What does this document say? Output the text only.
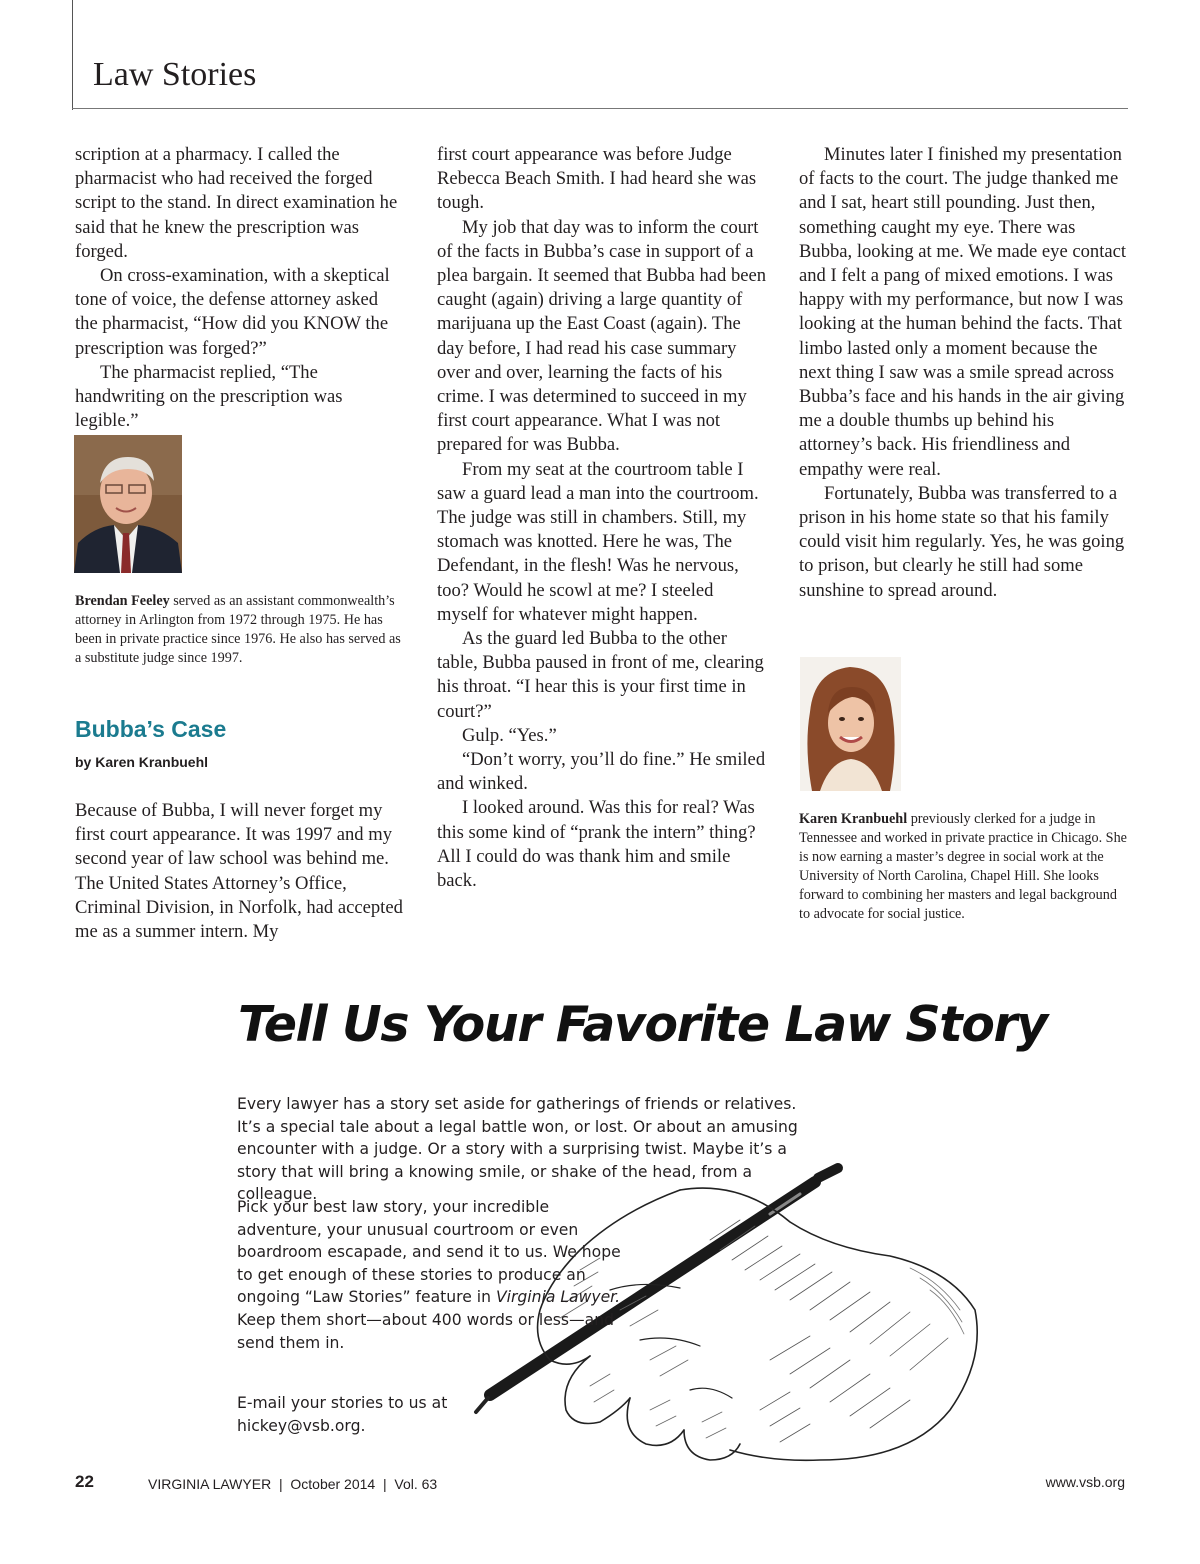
Law Stories

scription at a pharmacy. I called the pharmacist who had received the forged script to the stand. In direct examination he said that he knew the prescription was forged.

On cross-examination, with a skeptical tone of voice, the defense attorney asked the pharmacist, “How did you KNOW the prescription was forged?”

The pharmacist replied, “The handwriting on the prescription was legible.”

Brendan Feeley served as an assistant commonwealth’s attorney in Arlington from 1972 through 1975. He has been in private practice since 1976. He also has served as a substitute judge since 1997.
Bubba’s Case
by Karen Kranbuehl

Because of Bubba, I will never forget my first court appearance. It was 1997 and my second year of law school was behind me. The United States Attorney’s Office, Criminal Division, in Norfolk, had accepted me as a summer intern. My

first court appearance was before Judge Rebecca Beach Smith. I had heard she was tough.

My job that day was to inform the court of the facts in Bubba’s case in support of a plea bargain. It seemed that Bubba had been caught (again) driving a large quantity of marijuana up the East Coast (again). The day before, I had read his case summary over and over, learning the facts of his crime. I was determined to succeed in my first court appearance. What I was not prepared for was Bubba.

From my seat at the courtroom table I saw a guard lead a man into the courtroom. The judge was still in chambers. Still, my stomach was knotted. Here he was, The Defendant, in the flesh! Was he nervous, too? Would he scowl at me? I steeled myself for whatever might happen.

As the guard led Bubba to the other table, Bubba paused in front of me, clearing his throat. “I hear this is your first time in court?”

Gulp. “Yes.”

“Don’t worry, you’ll do fine.” He smiled and winked.

I looked around. Was this for real? Was this some kind of “prank the intern” thing? All I could do was thank him and smile back.

Minutes later I finished my presentation of facts to the court. The judge thanked me and I sat, heart still pounding. Just then, something caught my eye. There was Bubba, looking at me. We made eye contact and I felt a pang of mixed emotions. I was happy with my performance, but now I was looking at the human behind the facts. That limbo lasted only a moment because the next thing I saw was a smile spread across Bubba’s face and his hands in the air giving me a double thumbs up behind his attorney’s back. His friendliness and empathy were real.

Fortunately, Bubba was transferred to a prison in his home state so that his family could visit him regularly. Yes, he was going to prison, but clearly he still had some sunshine to spread around.

Karen Kranbuehl previously clerked for a judge in Tennessee and worked in private practice in Chicago. She is now earning a master’s degree in social work at the University of North Carolina, Chapel Hill. She looks forward to combining her masters and legal background to advocate for social justice.
Tell Us Your Favorite Law Story

Every lawyer has a story set aside for gatherings of friends or relatives. It’s a special tale about a legal battle won, or lost. Or about an amusing encounter with a judge. Or a story with a surprising twist. Maybe it’s a story that will bring a knowing smile, or shake of the head, from a colleague.

Pick your best law story, your incredible adventure, your unusual courtroom or even boardroom escapade, and send it to us. We hope to get enough of these stories to produce an ongoing “Law Stories” feature in Virginia Lawyer. Keep them short—about 400 words or less—and send them in.

E-mail your stories to us at hickey@vsb.org.

22	VIRGINIA LAWYER  |  October 2014  |  Vol. 63	www.vsb.org
